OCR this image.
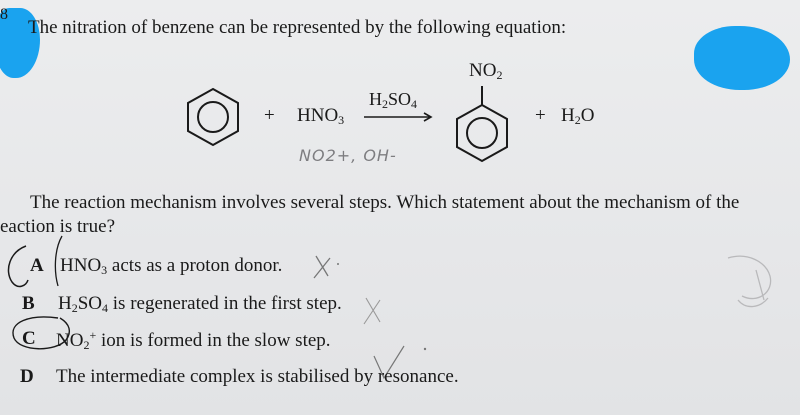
8
The nitration of benzene can be represented by the following equation:
+ $HNO_3$
$H_2SO_4$
$NO_2$
+ $H_2O$
NO2+, OH-
The reaction mechanism involves several steps. Which statement about the mechanism of the
eaction is true?
A $HNO_3$ acts as a proton donor.
B $H_2SO_4$ is regenerated in the first step.
C $NO_2^+$ ion is formed in the slow step.
D The intermediate complex is stabilised by resonance.
